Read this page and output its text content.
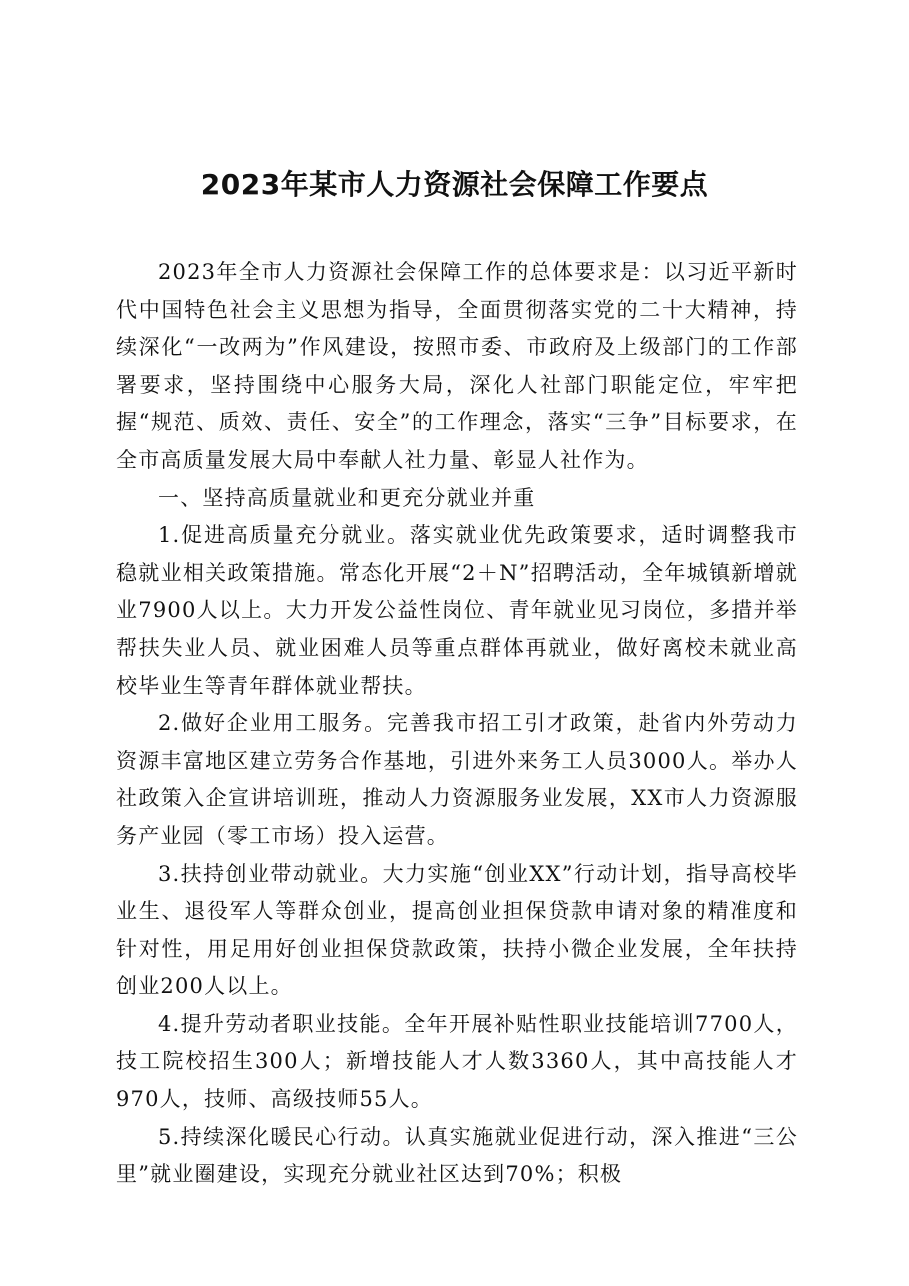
2023年某市人力资源社会保障工作要点

2023年全市人力资源社会保障工作的总体要求是：以习近平新时代中国特色社会主义思想为指导，全面贯彻落实党的二十大精神，持续深化“一改两为”作风建设，按照市委、市政府及上级部门的工作部署要求，坚持围绕中心服务大局，深化人社部门职能定位，牢牢把握“规范、质效、责任、安全”的工作理念，落实“三争”目标要求，在全市高质量发展大局中奉献人社力量、彰显人社作为。

一、坚持高质量就业和更充分就业并重

1.促进高质量充分就业。落实就业优先政策要求，适时调整我市稳就业相关政策措施。常态化开展“2＋N”招聘活动，全年城镇新增就业7900人以上。大力开发公益性岗位、青年就业见习岗位，多措并举帮扶失业人员、就业困难人员等重点群体再就业，做好离校未就业高校毕业生等青年群体就业帮扶。

2.做好企业用工服务。完善我市招工引才政策，赴省内外劳动力资源丰富地区建立劳务合作基地，引进外来务工人员3000人。举办人社政策入企宣讲培训班，推动人力资源服务业发展，XX市人力资源服务产业园（零工市场）投入运营。

3.扶持创业带动就业。大力实施“创业XX”行动计划，指导高校毕业生、退役军人等群众创业，提高创业担保贷款申请对象的精准度和针对性，用足用好创业担保贷款政策，扶持小微企业发展，全年扶持创业200人以上。

4.提升劳动者职业技能。全年开展补贴性职业技能培训7700人，技工院校招生300人；新增技能人才人数3360人，其中高技能人才970人，技师、高级技师55人。

5.持续深化暖民心行动。认真实施就业促进行动，深入推进“三公里”就业圈建设，实现充分就业社区达到70%；积极
